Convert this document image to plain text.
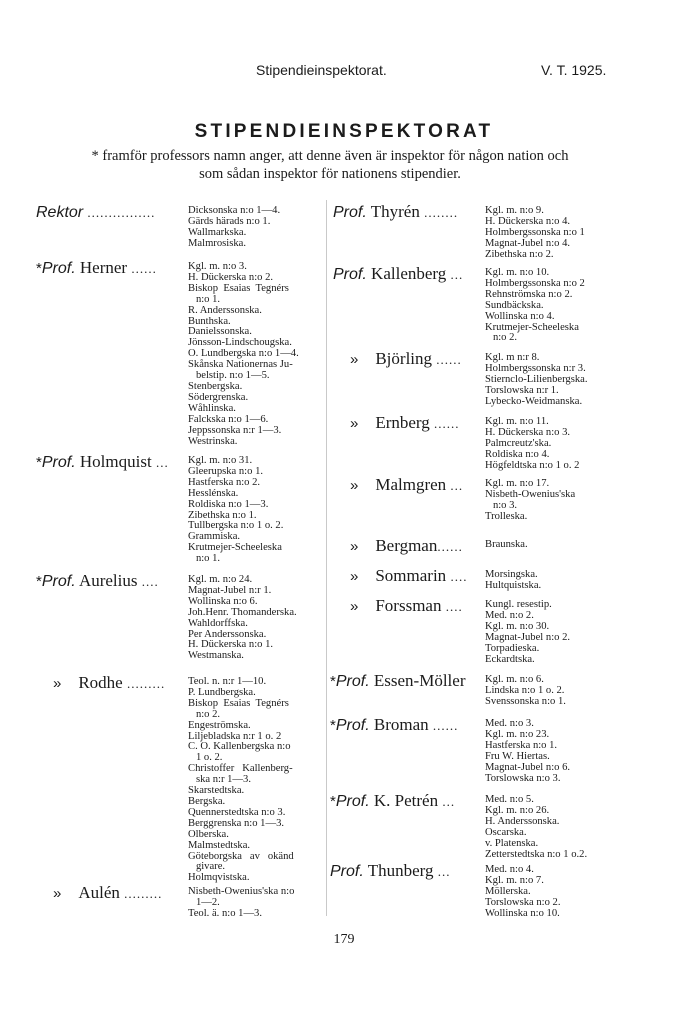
Stipendieinspektorat.	V. T. 1925.
STIPENDIEINSPEKTORAT
* framför professors namn anger, att denne även är inspektor för någon nation och
som sådan inspektor för nationens stipendier.
Rektor ................	Dicksonska n:o 1—4.
Gärds härads n:o 1.
Wallmarkska.
Malmrosiska.
*Prof. Herner ......	Kgl. m. n:o 3.
H. Dückerska n:o 2.
Biskop  Esaias  Tegnérs
n:o 1.
R. Anderssonska.
Bunthska.
Danielssonska.
Jönsson-Lindschougska.
O. Lundbergska n:o 1—4.
Skånska Nationernas Ju-
belstip. n:o 1—5.
Stenbergska.
Södergrenska.
Wåhlinska.
Falckska n:o 1—6.
Jeppssonska n:r 1—3.
Westrinska.
*Prof. Holmquist ... Kgl. m. n:o 31.
Gleerupska n:o 1.
Hastferska n:o 2.
Hesslénska.
Roldiska n:o 1—3.
Zibethska n:o 1.
Tullbergska n:o 1 o. 2.
Grammiska.
Krutmejer-Scheeleska
n:o 1.
*Prof. Aurelius ....	Kgl. m. n:o 24.
Magnat-Jubel n:r 1.
Wollinska n:o 6.
Joh.Henr. Thomanderska.
Wahldorffska.
Per Anderssonska.
H. Dückerska n:o 1.
Westmanska.
»   Rodhe ......... Teol. n. n:r 1—10.
P. Lundbergska.
Biskop  Esaias  Tegnérs
n:o 2.
Engeströmska.
Liljebladska n:r 1 o. 2
C. O. Kallenbergska n:o
1 o. 2.
Christoffer   Kallenberg-
ska n:r 1—3.
Skarstedtska.
Bergska.
Quennerstedtska n:o 3.
Berggrenska n:o 1—3.
Olberska.
Malmstedtska.
Göteborgska   av   okänd
givare.
Holmqvistska.
»   Aulén ......... Nisbeth-Owenius'ska n:o
1—2.
Teol. ä. n:o 1—3.
Prof. Thyrén ........	Kgl. m. n:o 9.
H. Dückerska n:o 4.
Holmbergssonska n:o 1
Magnat-Jubel n:o 4.
Zibethska n:o 2.
Prof. Kallenberg ... Kgl. m. n:o 10.
Holmbergssonska n:o 2
Rehnströmska n:o 2.
Sundbäckska.
Wollinska n:o 4.
Krutmejer-Scheeleska
n:o 2.
»   Björling ...... Kgl. m n:r 8.
Holmbergssonska n:r 3.
Stiernclo-Lilienbergska.
Torslowska n:r 1.
Lybecko-Weidmanska.
»   Ernberg ...... Kgl. m. n:o 11.
H. Dückerska n:o 3.
Palmcreutz'ska.
Roldiska n:o 4.
Högfeldtska n:o 1 o. 2
»   Malmgren ... Kgl. m. n:o 17.
Nisbeth-Owenius'ska
n:o 3.
Trolleska.
»   Bergman...... Braunska.
»   Sommarin .... Morsingska.
Hultquistska.
»   Forssman .... Kungl. resestip.
Med. n:o 2.
Kgl. m. n:o 30.
Magnat-Jubel n:o 2.
Torpadieska.
Eckardtska.
*Prof. Essen-Möller Kgl. m. n:o 6.
Lindska n:o 1 o. 2.
Svenssonska n:o 1.
*Prof. Broman ......	Med. n:o 3.
Kgl. m. n:o 23.
Hastferska n:o 1.
Fru W. Hiertas.
Magnat-Jubel n:o 6.
Torslowska n:o 3.
*Prof. K. Petrén ...	Med. n:o 5.
Kgl. m. n:o 26.
H. Anderssonska.
Oscarska.
v. Platenska.
Zetterstedtska n:o 1 o.2.
Prof. Thunberg ...	Med. n:o 4.
Kgl. m. n:o 7.
Möllerska.
Torslowska n:o 2.
Wollinska n:o 10.
179
